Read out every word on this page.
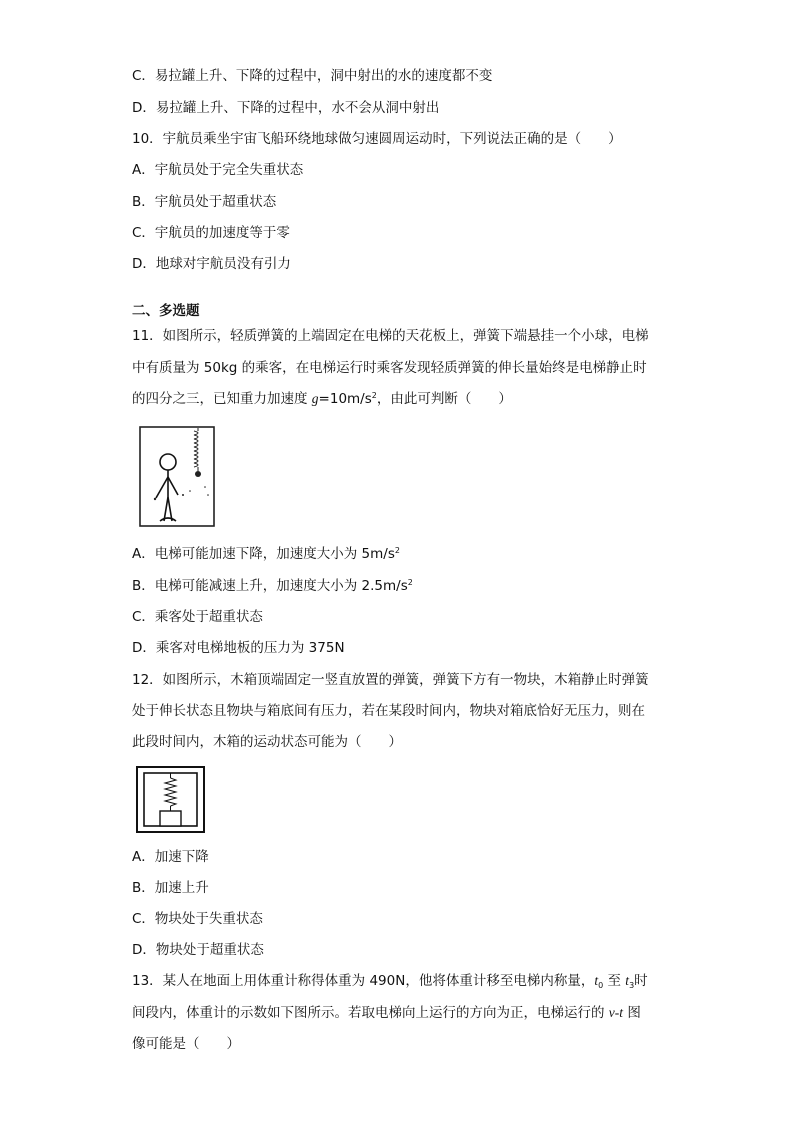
C．易拉罐上升、下降的过程中，洞中射出的水的速度都不变
D．易拉罐上升、下降的过程中，水不会从洞中射出
10．宇航员乘坐宇宙飞船环绕地球做匀速圆周运动时，下列说法正确的是（　　）
A．宇航员处于完全失重状态
B．宇航员处于超重状态
C．宇航员的加速度等于零
D．地球对宇航员没有引力
二、多选题
11．如图所示，轻质弹簧的上端固定在电梯的天花板上，弹簧下端悬挂一个小球，电梯
中有质量为 50kg 的乘客，在电梯运行时乘客发现轻质弹簧的伸长量始终是电梯静止时
的四分之三，已知重力加速度 $g=10m/s^2$，由此可判断（　　）
A．电梯可能加速下降，加速度大小为 $5m/s^2$
B．电梯可能减速上升，加速度大小为 $2.5m/s^2$
C．乘客处于超重状态
D．乘客对电梯地板的压力为 375N
12．如图所示，木箱顶端固定一竖直放置的弹簧，弹簧下方有一物块，木箱静止时弹簧
处于伸长状态且物块与箱底间有压力，若在某段时间内，物块对箱底恰好无压力，则在
此段时间内，木箱的运动状态可能为（　　）
A．加速下降
B．加速上升
C．物块处于失重状态
D．物块处于超重状态
13．某人在地面上用体重计称得体重为 490N，他将体重计移至电梯内称量，$t_0$ 至 $t_3$时
间段内，体重计的示数如下图所示。若取电梯向上运行的方向为正，电梯运行的 v-t 图
像可能是（　　）
